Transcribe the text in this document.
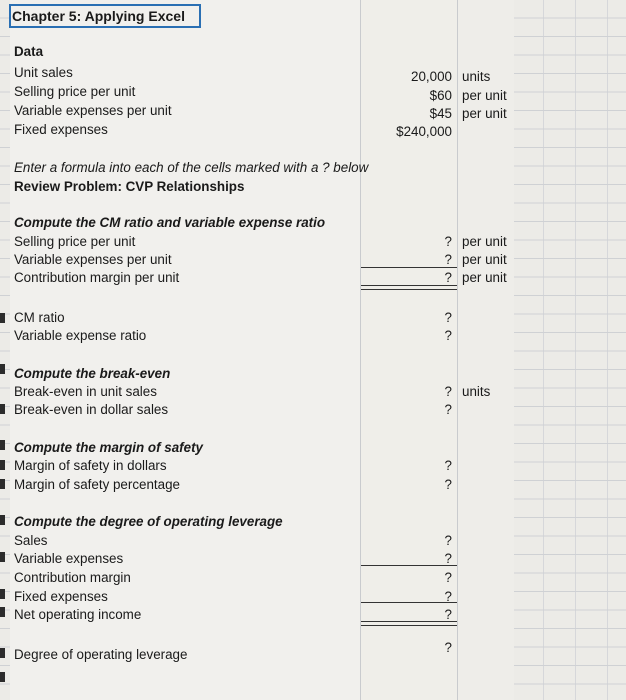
Chapter 5: Applying Excel
Data
Unit sales	20,000 units
Selling price per unit	$60 per unit
Variable expenses per unit	$45 per unit
Fixed expenses	$240,000
Enter a formula into each of the cells marked with a ? below
Review Problem: CVP Relationships
Compute the CM ratio and variable expense ratio
Selling price per unit	? per unit
Variable expenses per unit	? per unit
Contribution margin per unit	? per unit
CM ratio	?
Variable expense ratio	?
Compute the break-even
Break-even in unit sales	? units
Break-even in dollar sales	?
Compute the margin of safety
Margin of safety in dollars	?
Margin of safety percentage	?
Compute the degree of operating leverage
Sales	?
Variable expenses	?
Contribution margin	?
Fixed expenses	?
Net operating income	?
Degree of operating leverage	?
